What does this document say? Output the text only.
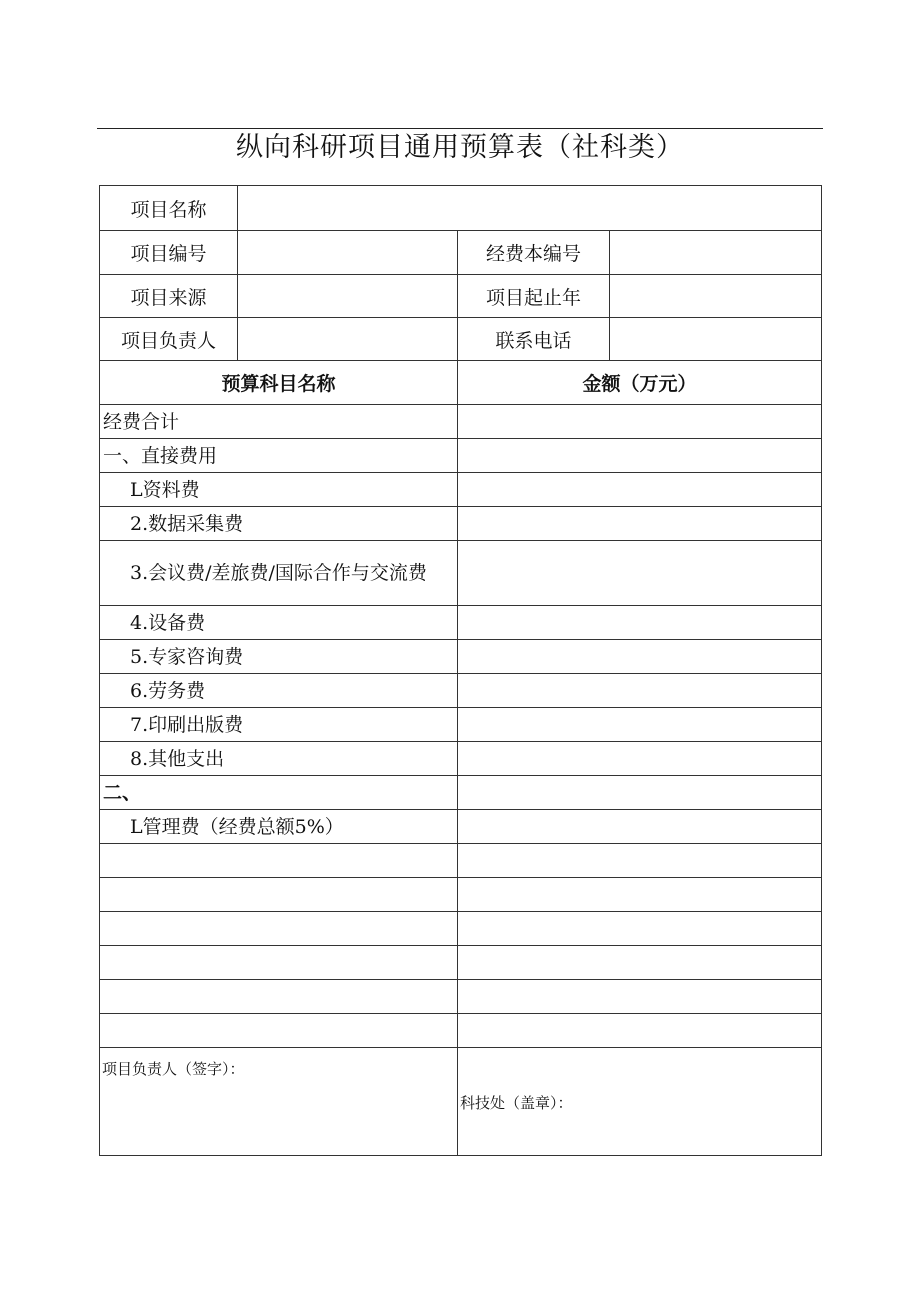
纵向科研项目通用预算表（社科类）
项目名称			
项目编号		经费本编号	
项目来源		项目起止年	
项目负责人		联系电话	
预算科目名称		金额（万元）	
经费合计			
一、直接费用			
L资料费			
2.数据采集费			
3.会议费/差旅费/国际合作与交流费			
4.设备费			
5.专家咨询费			
6.劳务费			
7.印刷出版费			
8.其他支出			
二、			
L管理费（经费总额5%）			

项目负责人（签字）：		科技处（盖章）：	
